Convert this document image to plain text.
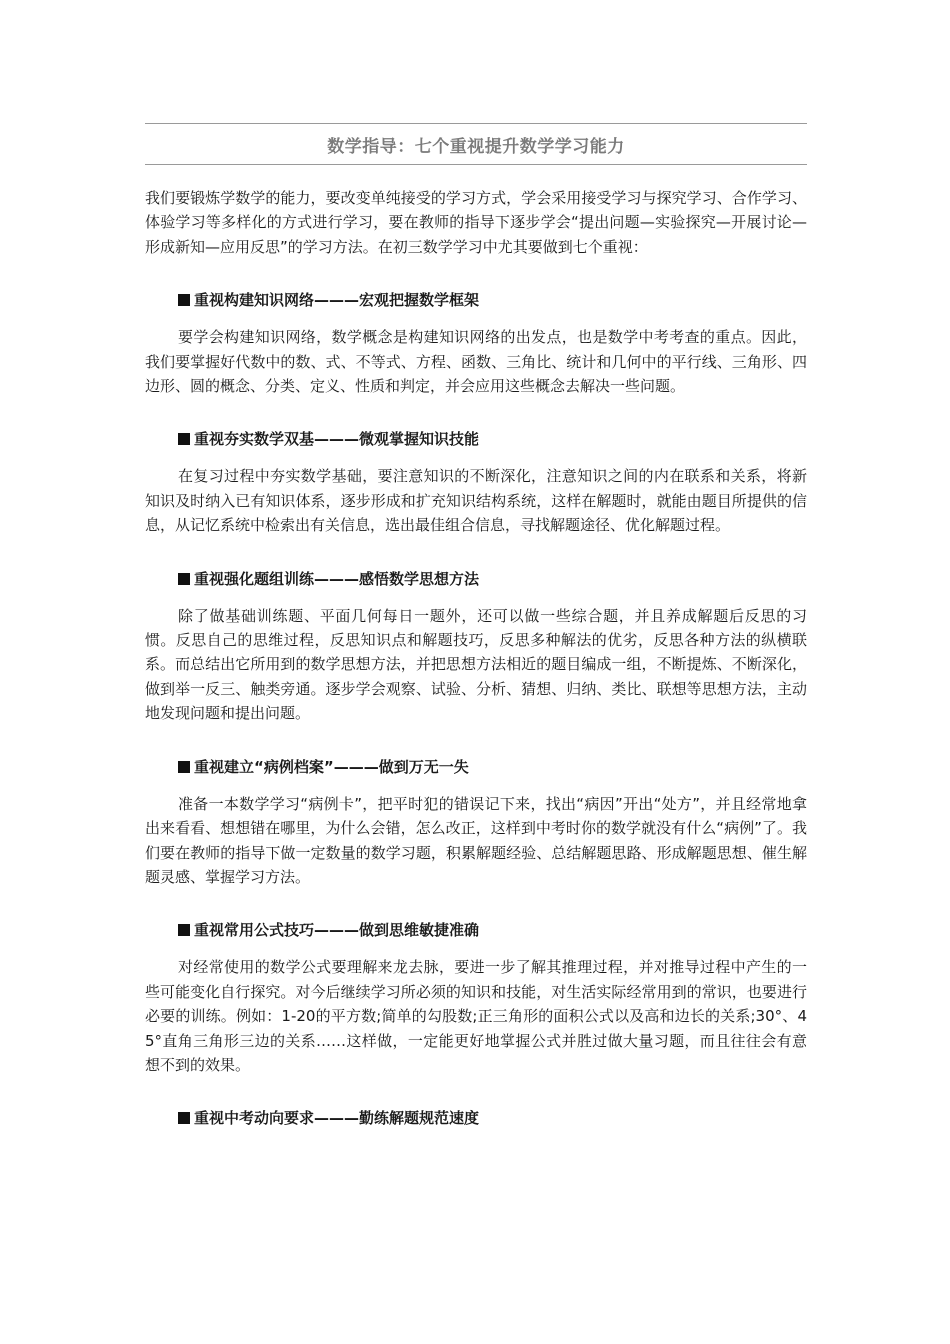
数学指导：七个重视提升数学学习能力

我们要锻炼学数学的能力，要改变单纯接受的学习方式，学会采用接受学习与探究学习、合作学习、体验学习等多样化的方式进行学习，要在教师的指导下逐步学会“提出问题—实验探究—开展讨论—形成新知—应用反思”的学习方法。在初三数学学习中尤其要做到七个重视：

重视构建知识网络———宏观把握数学框架

要学会构建知识网络，数学概念是构建知识网络的出发点，也是数学中考考查的重点。因此，我们要掌握好代数中的数、式、不等式、方程、函数、三角比、统计和几何中的平行线、三角形、四边形、圆的概念、分类、定义、性质和判定，并会应用这些概念去解决一些问题。

重视夯实数学双基———微观掌握知识技能

在复习过程中夯实数学基础，要注意知识的不断深化，注意知识之间的内在联系和关系，将新知识及时纳入已有知识体系，逐步形成和扩充知识结构系统，这样在解题时，就能由题目所提供的信息，从记忆系统中检索出有关信息，选出最佳组合信息，寻找解题途径、优化解题过程。

重视强化题组训练———感悟数学思想方法

除了做基础训练题、平面几何每日一题外，还可以做一些综合题，并且养成解题后反思的习惯。反思自己的思维过程，反思知识点和解题技巧，反思多种解法的优劣，反思各种方法的纵横联系。而总结出它所用到的数学思想方法，并把思想方法相近的题目编成一组，不断提炼、不断深化，做到举一反三、触类旁通。逐步学会观察、试验、分析、猜想、归纳、类比、联想等思想方法，主动地发现问题和提出问题。

重视建立“病例档案”———做到万无一失

准备一本数学学习“病例卡”，把平时犯的错误记下来，找出“病因”开出“处方”，并且经常地拿出来看看、想想错在哪里，为什么会错，怎么改正，这样到中考时你的数学就没有什么“病例”了。我们要在教师的指导下做一定数量的数学习题，积累解题经验、总结解题思路、形成解题思想、催生解题灵感、掌握学习方法。

重视常用公式技巧———做到思维敏捷准确

对经常使用的数学公式要理解来龙去脉，要进一步了解其推理过程，并对推导过程中产生的一些可能变化自行探究。对今后继续学习所必须的知识和技能，对生活实际经常用到的常识，也要进行必要的训练。例如：1-20的平方数;简单的勾股数;正三角形的面积公式以及高和边长的关系;30°、45°直角三角形三边的关系……这样做，一定能更好地掌握公式并胜过做大量习题，而且往往会有意想不到的效果。

重视中考动向要求———勤练解题规范速度
